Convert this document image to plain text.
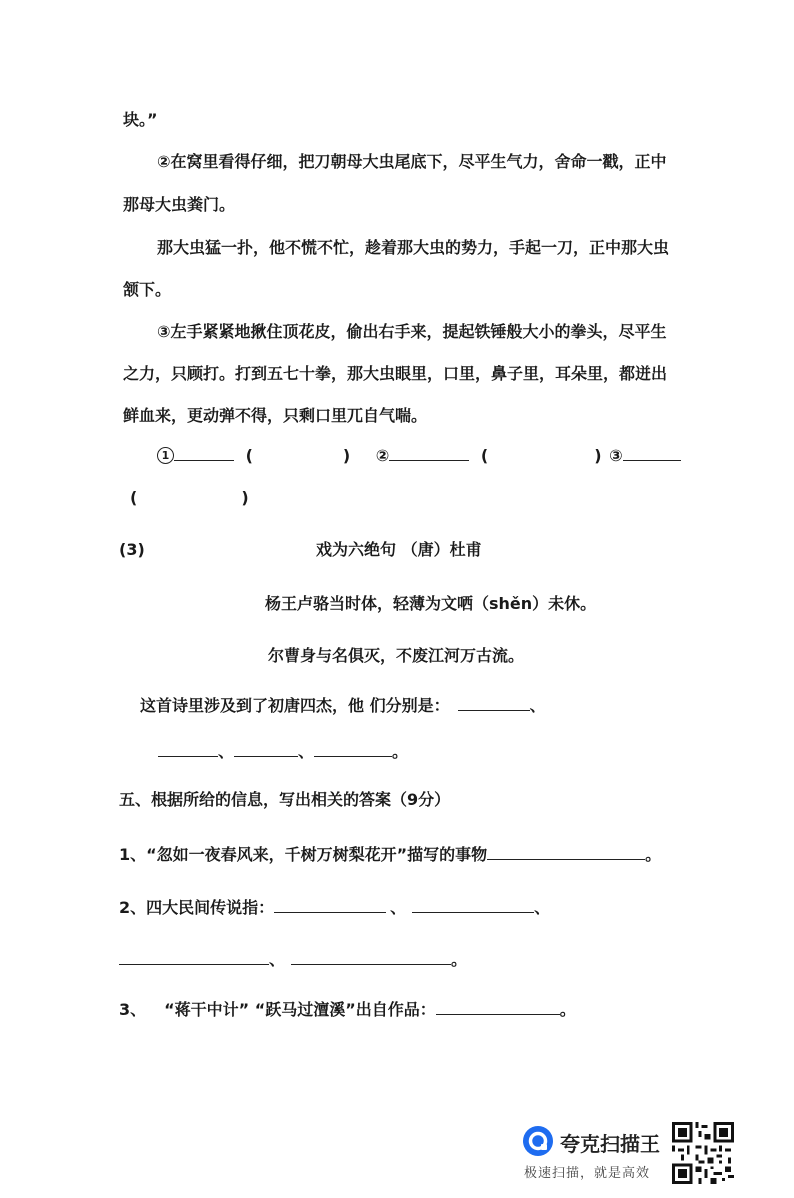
块。”
②在窝里看得仔细，把刀朝母大虫尾底下，尽平生气力，舍命一戳，正中
那母大虫粪门。
那大虫猛一扑，他不慌不忙，趁着那大虫的势力，手起一刀，正中那大虫
颔下。
③左手紧紧地揪住顶花皮，偷出右手来，提起铁锤般大小的拳头，尽平生
之力，只顾打。打到五七十拳，那大虫眼里，口里，鼻子里，耳朵里，都迸出
鲜血来，更动弹不得，只剩口里兀自气喘。
1	(	) ②	(	) ③
(	)
(3)	戏为六绝句 （唐）杜甫
杨王卢骆当时体，轻薄为文哂（shěn）未休。
尔曹身与名俱灭，不废江河万古流。
这首诗里涉及到了初唐四杰，他 们分别是：	、
、	、	。
五、根据所给的信息，写出相关的答案（9分）
1、“忽如一夜春风来，千树万树梨花开”描写的事物	。
2、四大民间传说指：	、	、
、	。
3、 “蒋干中计” “跃马过澶溪”出自作品：	。
夸克扫描王
极速扫描，就是高效
